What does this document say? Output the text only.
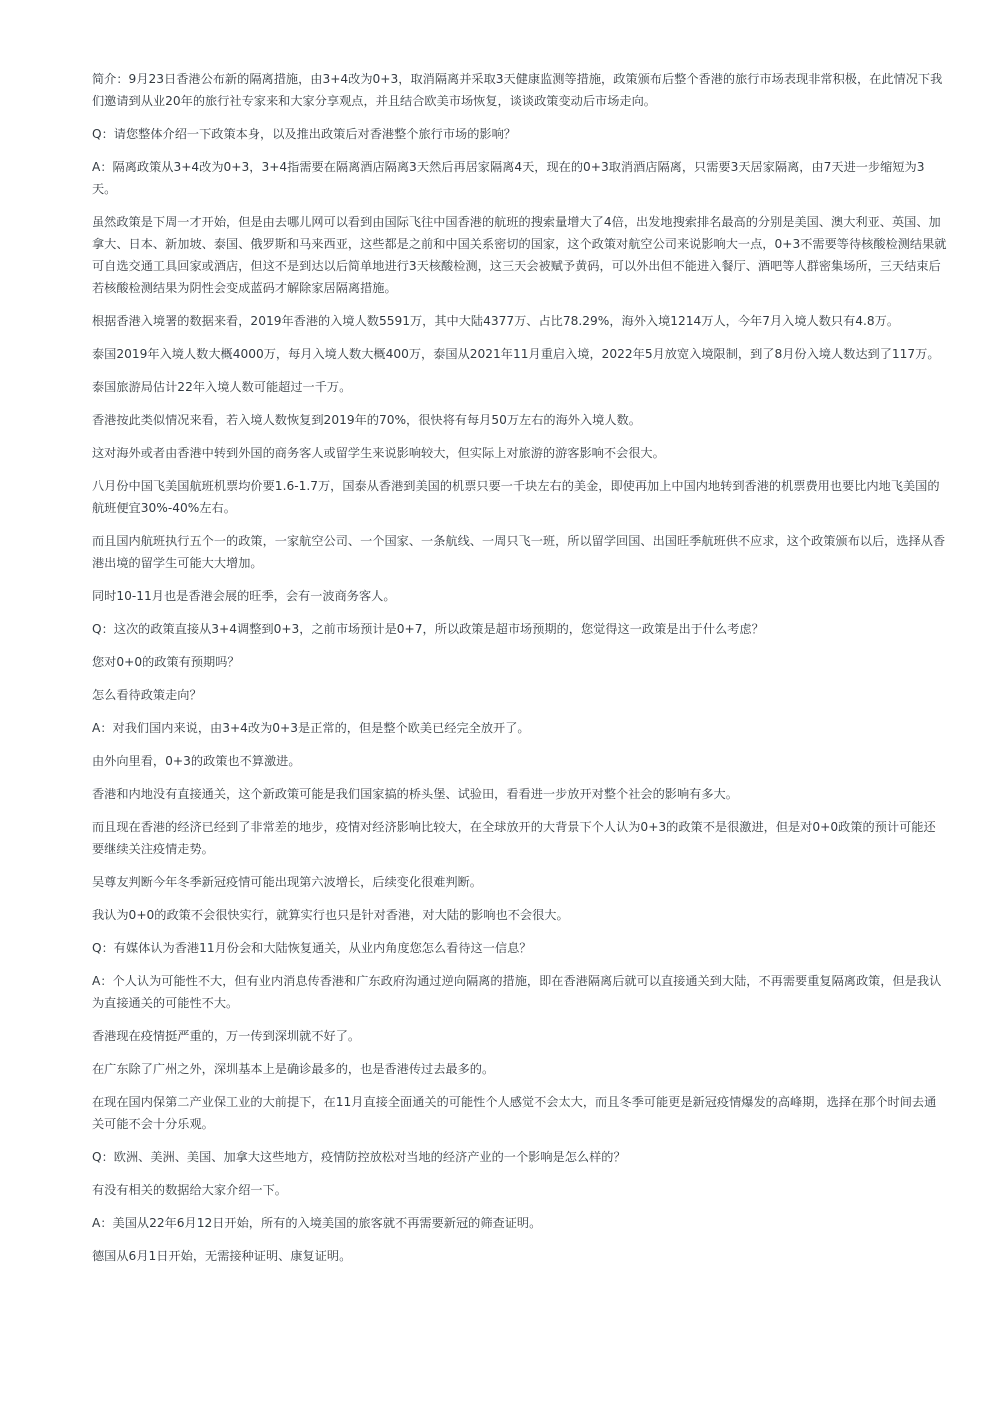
简介：9月23日香港公布新的隔离措施，由3+4改为0+3，取消隔离并采取3天健康监测等措施，政策颁布后整个香港的旅行市场表现非常积极，在此情况下我们邀请到从业20年的旅行社专家来和大家分享观点，并且结合欧美市场恢复，谈谈政策变动后市场走向。

Q：请您整体介绍一下政策本身，以及推出政策后对香港整个旅行市场的影响？

A：隔离政策从3+4改为0+3，3+4指需要在隔离酒店隔离3天然后再居家隔离4天，现在的0+3取消酒店隔离，只需要3天居家隔离，由7天进一步缩短为3天。

虽然政策是下周一才开始，但是由去哪儿网可以看到由国际飞往中国香港的航班的搜索量增大了4倍，出发地搜索排名最高的分别是美国、澳大利亚、英国、加拿大、日本、新加坡、泰国、俄罗斯和马来西亚，这些都是之前和中国关系密切的国家，这个政策对航空公司来说影响大一点，0+3不需要等待核酸检测结果就可自选交通工具回家或酒店，但这不是到达以后简单地进行3天核酸检测，这三天会被赋予黄码，可以外出但不能进入餐厅、酒吧等人群密集场所，三天结束后若核酸检测结果为阴性会变成蓝码才解除家居隔离措施。

根据香港入境署的数据来看，2019年香港的入境人数5591万，其中大陆4377万、占比78.29%，海外入境1214万人，今年7月入境人数只有4.8万。

泰国2019年入境人数大概4000万，每月入境人数大概400万，泰国从2021年11月重启入境，2022年5月放宽入境限制，到了8月份入境人数达到了117万。

泰国旅游局估计22年入境人数可能超过一千万。

香港按此类似情况来看，若入境人数恢复到2019年的70%，很快将有每月50万左右的海外入境人数。

这对海外或者由香港中转到外国的商务客人或留学生来说影响较大，但实际上对旅游的游客影响不会很大。

八月份中国飞美国航班机票均价要1.6-1.7万，国泰从香港到美国的机票只要一千块左右的美金，即使再加上中国内地转到香港的机票费用也要比内地飞美国的航班便宜30%-40%左右。

而且国内航班执行五个一的政策，一家航空公司、一个国家、一条航线、一周只飞一班，所以留学回国、出国旺季航班供不应求，这个政策颁布以后，选择从香港出境的留学生可能大大增加。

同时10-11月也是香港会展的旺季，会有一波商务客人。

Q：这次的政策直接从3+4调整到0+3，之前市场预计是0+7，所以政策是超市场预期的，您觉得这一政策是出于什么考虑？

您对0+0的政策有预期吗？

怎么看待政策走向？

A：对我们国内来说，由3+4改为0+3是正常的，但是整个欧美已经完全放开了。

由外向里看，0+3的政策也不算激进。

香港和内地没有直接通关，这个新政策可能是我们国家搞的桥头堡、试验田，看看进一步放开对整个社会的影响有多大。

而且现在香港的经济已经到了非常差的地步，疫情对经济影响比较大，在全球放开的大背景下个人认为0+3的政策不是很激进，但是对0+0政策的预计可能还要继续关注疫情走势。

吴尊友判断今年冬季新冠疫情可能出现第六波增长，后续变化很难判断。

我认为0+0的政策不会很快实行，就算实行也只是针对香港，对大陆的影响也不会很大。

Q：有媒体认为香港11月份会和大陆恢复通关，从业内角度您怎么看待这一信息？

A：个人认为可能性不大，但有业内消息传香港和广东政府沟通过逆向隔离的措施，即在香港隔离后就可以直接通关到大陆，不再需要重复隔离政策，但是我认为直接通关的可能性不大。

香港现在疫情挺严重的，万一传到深圳就不好了。

在广东除了广州之外，深圳基本上是确诊最多的，也是香港传过去最多的。

在现在国内保第二产业保工业的大前提下，在11月直接全面通关的可能性个人感觉不会太大，而且冬季可能更是新冠疫情爆发的高峰期，选择在那个时间去通关可能不会十分乐观。

Q：欧洲、美洲、美国、加拿大这些地方，疫情防控放松对当地的经济产业的一个影响是怎么样的？

有没有相关的数据给大家介绍一下。

A：美国从22年6月12日开始，所有的入境美国的旅客就不再需要新冠的筛查证明。

德国从6月1日开始，无需接种证明、康复证明。
